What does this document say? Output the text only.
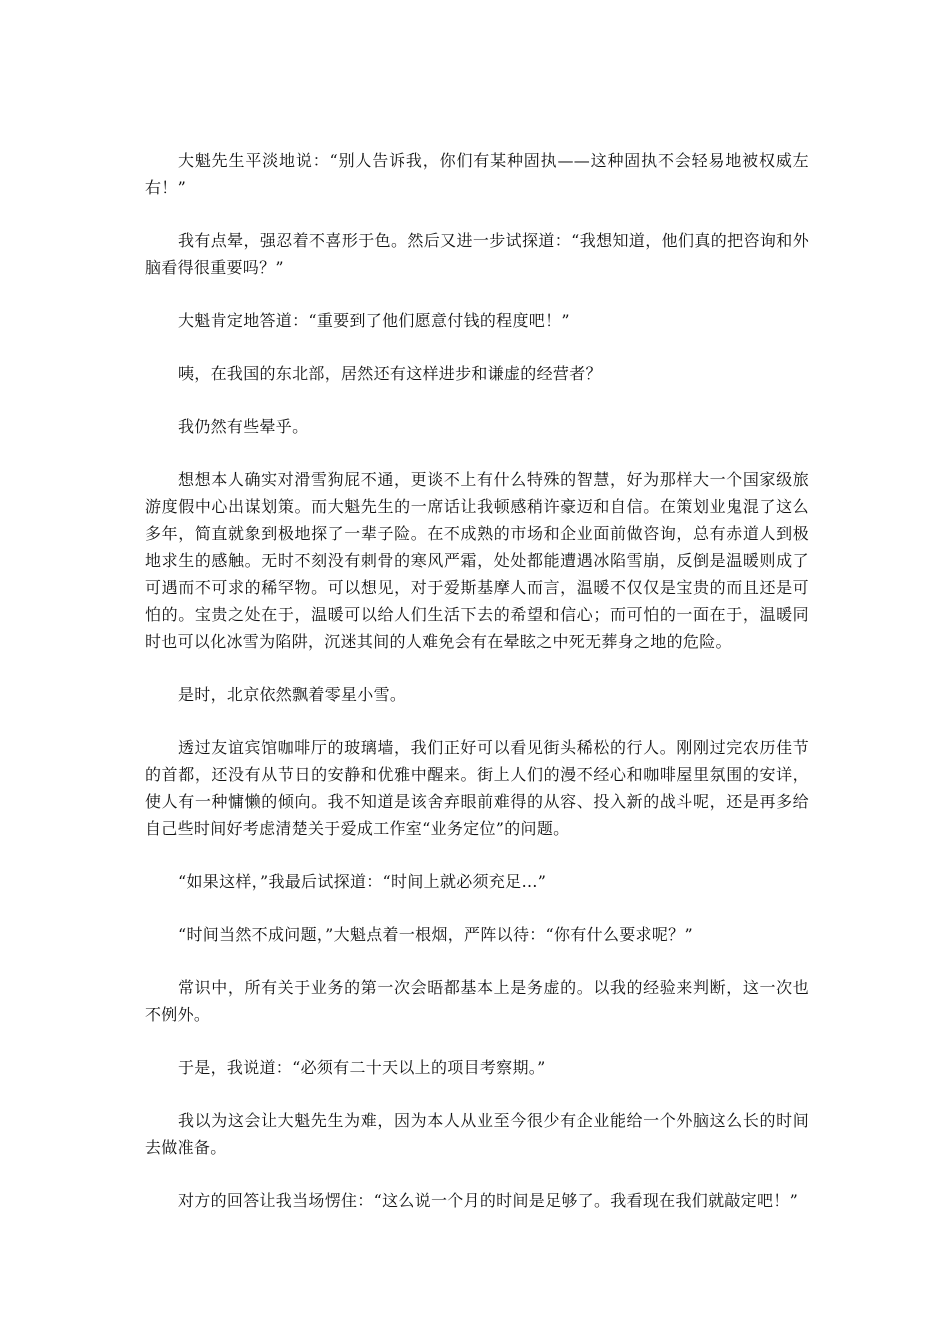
大魁先生平淡地说：“别人告诉我，你们有某种固执——这种固执不会轻易地被权威左右！”

我有点晕，强忍着不喜形于色。然后又进一步试探道：“我想知道，他们真的把咨询和外脑看得很重要吗？”

大魁肯定地答道：“重要到了他们愿意付钱的程度吧！”

咦，在我国的东北部，居然还有这样进步和谦虚的经营者？

我仍然有些晕乎。

想想本人确实对滑雪狗屁不通，更谈不上有什么特殊的智慧，好为那样大一个国家级旅游度假中心出谋划策。而大魁先生的一席话让我顿感稍许豪迈和自信。在策划业鬼混了这么多年，简直就象到极地探了一辈子险。在不成熟的市场和企业面前做咨询，总有赤道人到极地求生的感触。无时不刻没有刺骨的寒风严霜，处处都能遭遇冰陷雪崩，反倒是温暖则成了可遇而不可求的稀罕物。可以想见，对于爱斯基摩人而言，温暖不仅仅是宝贵的而且还是可怕的。宝贵之处在于，温暖可以给人们生活下去的希望和信心；而可怕的一面在于，温暖同时也可以化冰雪为陷阱，沉迷其间的人难免会有在晕眩之中死无葬身之地的危险。

是时，北京依然飘着零星小雪。

透过友谊宾馆咖啡厅的玻璃墙，我们正好可以看见街头稀松的行人。刚刚过完农历佳节的首都，还没有从节日的安静和优雅中醒来。街上人们的漫不经心和咖啡屋里氛围的安详，使人有一种慵懒的倾向。我不知道是该舍弃眼前难得的从容、投入新的战斗呢，还是再多给自己些时间好考虑清楚关于爱成工作室“业务定位”的问题。

“如果这样，”我最后试探道：“时间上就必须充足…”

“时间当然不成问题，”大魁点着一根烟，严阵以待：“你有什么要求呢？”

常识中，所有关于业务的第一次会晤都基本上是务虚的。以我的经验来判断，这一次也不例外。

于是，我说道：“必须有二十天以上的项目考察期。”

我以为这会让大魁先生为难，因为本人从业至今很少有企业能给一个外脑这么长的时间去做准备。

对方的回答让我当场愣住：“这么说一个月的时间是足够了。我看现在我们就敲定吧！”
